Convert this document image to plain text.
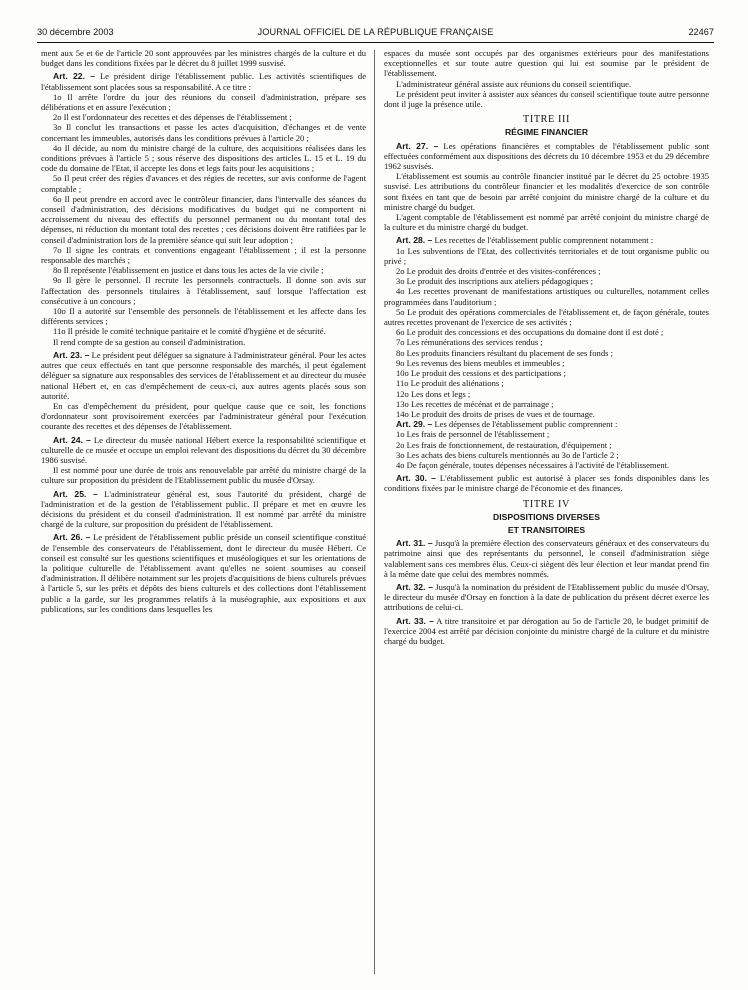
30 décembre 2003	JOURNAL OFFICIEL DE LA RÉPUBLIQUE FRANÇAISE	22467

ment aux 5e et 6e de l'article 20 sont approuvées par les ministres chargés de la culture et du budget dans les conditions fixées par le décret du 8 juillet 1999 susvisé.

Art. 22. – Le président dirige l'établissement public. Les activités scientifiques de l'établissement sont placées sous sa responsabilité. A ce titre :

1o Il arrête l'ordre du jour des réunions du conseil d'administration, prépare ses délibérations et en assure l'exécution ;

2o Il est l'ordonnateur des recettes et des dépenses de l'établissement ;

3o Il conclut les transactions et passe les actes d'acquisition, d'échanges et de vente concernant les immeubles, autorisés dans les conditions prévues à l'article 20 ;

4o Il décide, au nom du ministre chargé de la culture, des acquisitions réalisées dans les conditions prévues à l'article 5 ; sous réserve des dispositions des articles L. 15 et L. 19 du code du domaine de l'Etat, il accepte les dons et legs faits pour les acquisitions ;

5o Il peut créer des régies d'avances et des régies de recettes, sur avis conforme de l'agent comptable ;

6o Il peut prendre en accord avec le contrôleur financier, dans l'intervalle des séances du conseil d'administration, des décisions modificatives du budget qui ne comportent ni accroissement du niveau des effectifs du personnel permanent ou du montant total des dépenses, ni réduction du montant total des recettes ; ces décisions doivent être ratifiées par le conseil d'administration lors de la première séance qui suit leur adoption ;

7o Il signe les contrats et conventions engageant l'établissement ; il est la personne responsable des marchés ;

8o Il représente l'établissement en justice et dans tous les actes de la vie civile ;

9o Il gère le personnel. Il recrute les personnels contractuels. Il donne son avis sur l'affectation des personnels titulaires à l'établissement, sauf lorsque l'affectation est consécutive à un concours ;

10o Il a autorité sur l'ensemble des personnels de l'établissement et les affecte dans les différents services ;

11o Il préside le comité technique paritaire et le comité d'hygiène et de sécurité.

Il rend compte de sa gestion au conseil d'administration.

Art. 23. – Le président peut déléguer sa signature à l'administrateur général. Pour les actes autres que ceux effectués en tant que personne responsable des marchés, il peut également déléguer sa signature aux responsables des services de l'établissement et au directeur du musée national Hébert et, en cas d'empêchement de ceux-ci, aux autres agents placés sous son autorité.

En cas d'empêchement du président, pour quelque cause que ce soit, les fonctions d'ordonnateur sont provisoirement exercées par l'administrateur général pour l'exécution courante des recettes et des dépenses de l'établissement.

Art. 24. – Le directeur du musée national Hébert exerce la responsabilité scientifique et culturelle de ce musée et occupe un emploi relevant des dispositions du décret du 30 décembre 1986 susvisé.

Il est nommé pour une durée de trois ans renouvelable par arrêté du ministre chargé de la culture sur proposition du président de l'Etablissement public du musée d'Orsay.

Art. 25. – L'administrateur général est, sous l'autorité du président, chargé de l'administration et de la gestion de l'établissement public. Il prépare et met en œuvre les décisions du président et du conseil d'administration. Il est nommé par arrêté du ministre chargé de la culture, sur proposition du président de l'établissement.

Art. 26. – Le président de l'établissement public préside un conseil scientifique constitué de l'ensemble des conservateurs de l'établissement, dont le directeur du musée Hébert. Ce conseil est consulté sur les questions scientifiques et muséologiques et sur les orientations de la politique culturelle de l'établissement avant qu'elles ne soient soumises au conseil d'administration. Il délibère notamment sur les projets d'acquisitions de biens culturels prévues à l'article 5, sur les prêts et dépôts des biens culturels et des collections dont l'établissement public a la garde, sur les programmes relatifs à la muséographie, aux expositions et aux publications, sur les conditions dans lesquelles les

espaces du musée sont occupés par des organismes extérieurs pour des manifestations exceptionnelles et sur toute autre question qui lui est soumise par le président de l'établissement.

L'administrateur général assiste aux réunions du conseil scientifique.

Le président peut inviter à assister aux séances du conseil scientifique toute autre personne dont il juge la présence utile.

TITRE III
RÉGIME FINANCIER

Art. 27. – Les opérations financières et comptables de l'établissement public sont effectuées conformément aux dispositions des décrets du 10 décembre 1953 et du 29 décembre 1962 susvisés.

L'établissement est soumis au contrôle financier institué par le décret du 25 octobre 1935 susvisé. Les attributions du contrôleur financier et les modalités d'exercice de son contrôle sont fixées en tant que de besoin par arrêté conjoint du ministre chargé de la culture et du ministre chargé du budget.

L'agent comptable de l'établissement est nommé par arrêté conjoint du ministre chargé de la culture et du ministre chargé du budget.

Art. 28. – Les recettes de l'établissement public comprennent notamment :

1o Les subventions de l'Etat, des collectivités territoriales et de tout organisme public ou privé ;

2o Le produit des droits d'entrée et des visites-conférences ;

3o Le produit des inscriptions aux ateliers pédagogiques ;

4o Les recettes provenant de manifestations artistiques ou culturelles, notamment celles programmées dans l'auditorium ;

5o Le produit des opérations commerciales de l'établissement et, de façon générale, toutes autres recettes provenant de l'exercice de ses activités ;

6o Le produit des concessions et des occupations du domaine dont il est doté ;

7o Les rémunérations des services rendus ;

8o Les produits financiers résultant du placement de ses fonds ;

9o Les revenus des biens meubles et immeubles ;

10o Le produit des cessions et des participations ;

11o Le produit des aliénations ;

12o Les dons et legs ;

13o Les recettes de mécénat et de parrainage ;

14o Le produit des droits de prises de vues et de tournage.

Art. 29. – Les dépenses de l'établissement public comprennent :

1o Les frais de personnel de l'établissement ;

2o Les frais de fonctionnement, de restauration, d'équipement ;

3o Les achats des biens culturels mentionnés au 3o de l'article 2 ;

4o De façon générale, toutes dépenses nécessaires à l'activité de l'établissement.

Art. 30. – L'établissement public est autorisé à placer ses fonds disponibles dans les conditions fixées par le ministre chargé de l'économie et des finances.

TITRE IV
DISPOSITIONS DIVERSES
ET TRANSITOIRES

Art. 31. – Jusqu'à la première élection des conservateurs généraux et des conservateurs du patrimoine ainsi que des représentants du personnel, le conseil d'administration siège valablement sans ces membres élus. Ceux-ci siègent dès leur élection et leur mandat prend fin à la même date que celui des membres nommés.

Art. 32. – Jusqu'à la nomination du président de l'Etablissement public du musée d'Orsay, le directeur du musée d'Orsay en fonction à la date de publication du présent décret exerce les attributions de celui-ci.

Art. 33. – A titre transitoire et par dérogation au 5o de l'article 20, le budget primitif de l'exercice 2004 est arrêté par décision conjointe du ministre chargé de la culture et du ministre chargé du budget.
